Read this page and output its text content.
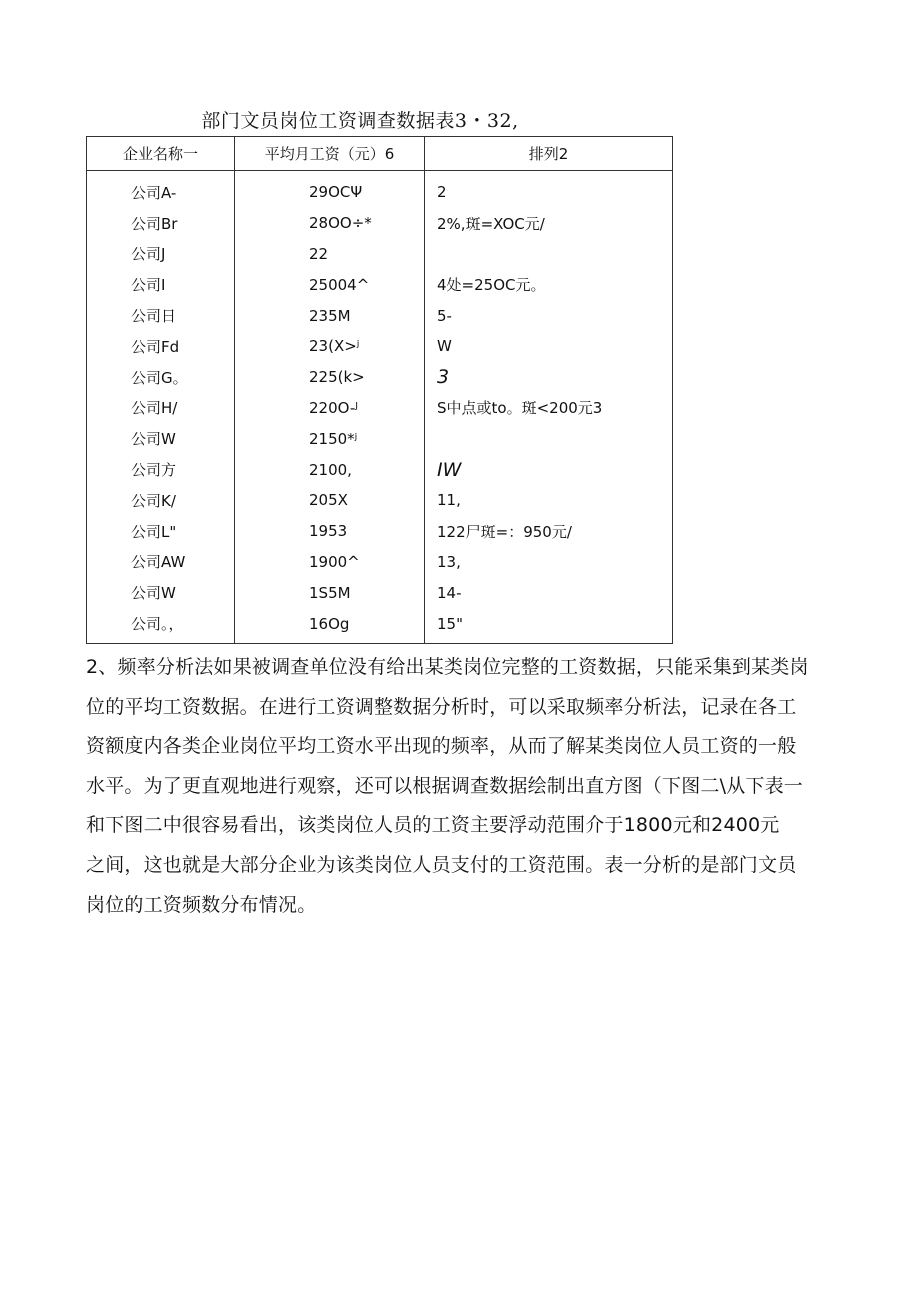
部门文员岗位工资调查数据表3・32,
企业名称一	平均月工资（元）6	排列2
公司A-	29OCΨ	2
公司Br	28OO÷*	2%,斑=XOC元/
公司J	22	
公司I	25004^	4处=25OC元。
公司日	235M	5-
公司Fd	23(X>ʲ	W
公司G。	225(k>	3
公司H/	220O-ᴶ	S中点或to。斑<200元3
公司W	2150*ʲ	
公司方	2100,	IW
公司K/	205X	11,
公司L"	1953	122尸斑=：950元/
公司AW	1900^	13,
公司W	1S5M	14-
公司。，	16Og	15"

2、频率分析法如果被调查单位没有给出某类岗位完整的工资数据，只能采集到某类岗

位的平均工资数据。在进行工资调整数据分析时，可以采取频率分析法，记录在各工

资额度内各类企业岗位平均工资水平出现的频率，从而了解某类岗位人员工资的一般

水平。为了更直观地进行观察，还可以根据调查数据绘制出直方图（下图二\从下表一

和下图二中很容易看出，该类岗位人员的工资主要浮动范围介于1800元和2400元

之间，这也就是大部分企业为该类岗位人员支付的工资范围。表一分析的是部门文员

岗位的工资频数分布情况。
